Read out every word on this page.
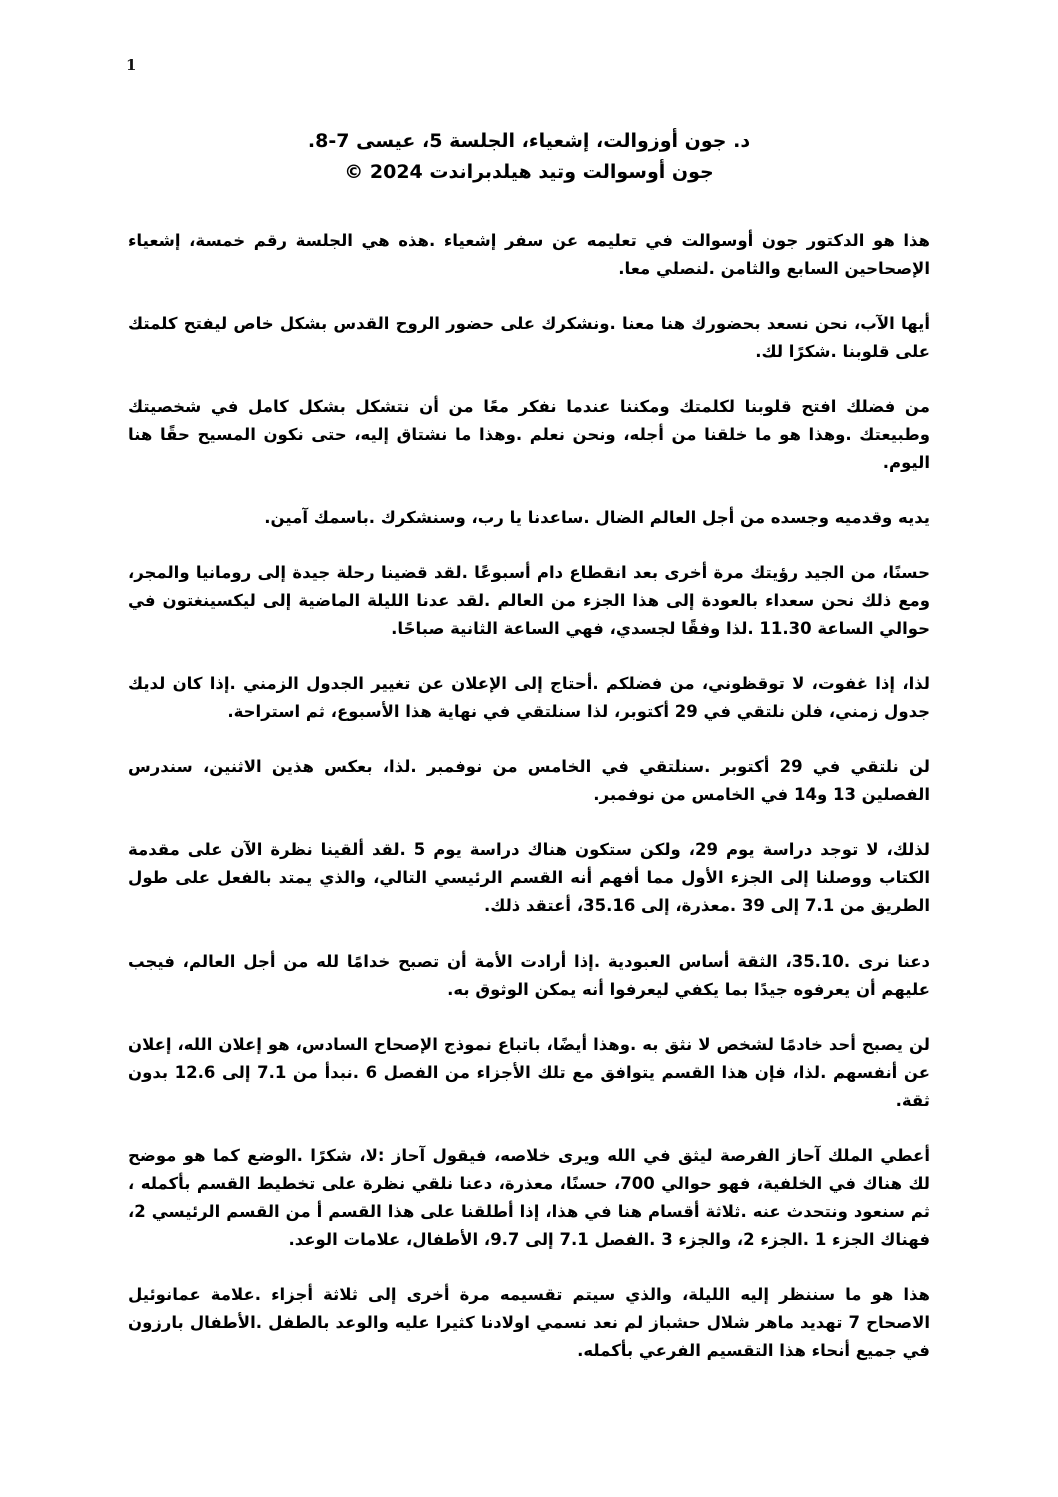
1
د. جون أوزوالت، إشعياء، الجلسة 5، عيسى 7-8.
جون أوسوالت وتيد هيلدبراندت 2024 ©

هذا هو الدكتور جون أوسوالت في تعليمه عن سفر إشعياء .هذه هي الجلسة رقم خمسة، إشعياء الإصحاحين السابع والثامن .لنصلي معا.

أيها الآب، نحن نسعد بحضورك هنا معنا .ونشكرك على حضور الروح القدس بشكل خاص ليفتح كلمتك على قلوبنا .شكرًا لك.

من فضلك افتح قلوبنا لكلمتك ومكننا عندما نفكر معًا من أن نتشكل بشكل كامل في شخصيتك وطبيعتك .وهذا هو ما خلقنا من أجله، ونحن نعلم .وهذا ما نشتاق إليه، حتى نكون المسيح حقًا هنا اليوم.

يديه وقدميه وجسده من أجل العالم الضال .ساعدنا يا رب، وسنشكرك .باسمك آمين.

حسنًا، من الجيد رؤيتك مرة أخرى بعد انقطاع دام أسبوعًا .لقد قضينا رحلة جيدة إلى رومانيا والمجر، ومع ذلك نحن سعداء بالعودة إلى هذا الجزء من العالم .لقد عدنا الليلة الماضية إلى ليكسينغتون في حوالي الساعة 11.30 .لذا وفقًا لجسدي، فهي الساعة الثانية صباحًا.

لذا، إذا غفوت، لا توقظوني، من فضلكم .أحتاج إلى الإعلان عن تغيير الجدول الزمني .إذا كان لديك جدول زمني، فلن نلتقي في 29 أكتوبر، لذا سنلتقي في نهاية هذا الأسبوع، ثم استراحة.

لن نلتقي في 29 أكتوبر .سنلتقي في الخامس من نوفمبر .لذا، بعكس هذين الاثنين، سندرس الفصلين 13 و14 في الخامس من نوفمبر.

لذلك، لا توجد دراسة يوم 29، ولكن ستكون هناك دراسة يوم 5 .لقد ألقينا نظرة الآن على مقدمة الكتاب ووصلنا إلى الجزء الأول مما أفهم أنه القسم الرئيسي التالي، والذي يمتد بالفعل على طول الطريق من 7.1 إلى 39 .معذرة، إلى 35.16، أعتقد ذلك.

دعنا نرى .35.10، الثقة أساس العبودية .إذا أرادت الأمة أن تصبح خدامًا لله من أجل العالم، فيجب عليهم أن يعرفوه جيدًا بما يكفي ليعرفوا أنه يمكن الوثوق به.

لن يصبح أحد خادمًا لشخص لا نثق به .وهذا أيضًا، باتباع نموذج الإصحاح السادس، هو إعلان الله، إعلان عن أنفسهم .لذا، فإن هذا القسم يتوافق مع تلك الأجزاء من الفصل 6 .نبدأ من 7.1 إلى 12.6 بدون ثقة.

أعطي الملك آحاز الفرصة ليثق في الله ويرى خلاصه، فيقول آحاز :لا، شكرًا .الوضع كما هو موضح لك هناك في الخلفية، فهو حوالي 700، حسنًا، معذرة، دعنا نلقي نظرة على تخطيط القسم بأكمله ، ثم سنعود ونتحدث عنه .ثلاثة أقسام هنا في هذا، إذا أطلقنا على هذا القسم أ من القسم الرئيسي 2، فهناك الجزء 1 .الجزء 2، والجزء 3 .الفصل 7.1 إلى 9.7، الأطفال، علامات الوعد.

هذا هو ما سننظر إليه الليلة، والذي سيتم تقسيمه مرة أخرى إلى ثلاثة أجزاء .علامة عمانوئيل الاصحاح 7 تهديد ماهر شلال حشباز لم نعد نسمي اولادنا كثيرا عليه والوعد بالطفل .الأطفال بارزون في جميع أنحاء هذا التقسيم الفرعي بأكمله.
